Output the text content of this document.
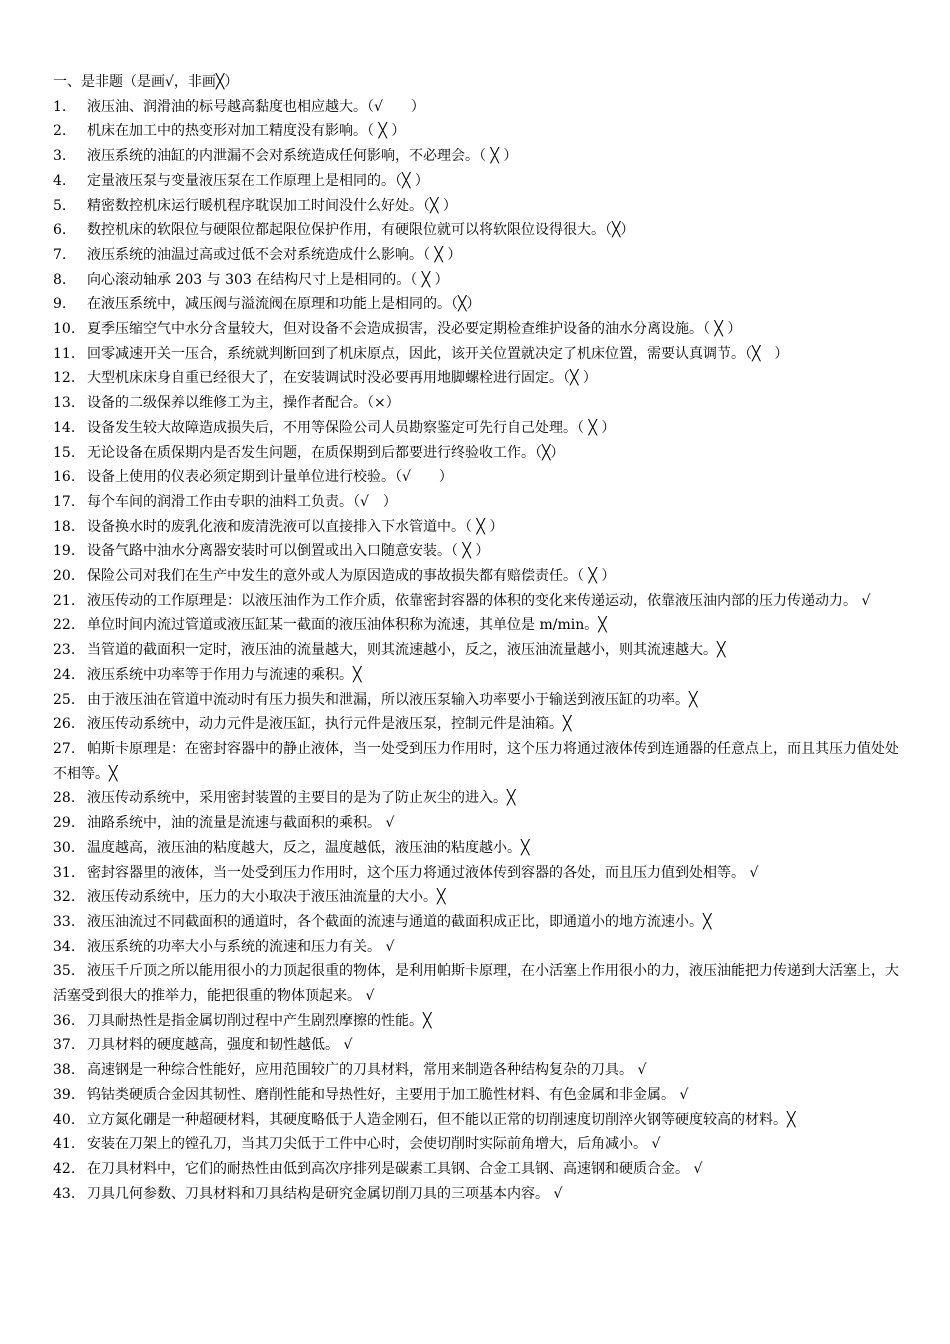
一、是非题（是画√，非画╳）
1.	液压油、润滑油的标号越高黏度也相应越大。（√　　）
2.	机床在加工中的热变形对加工精度没有影响。（ ╳ ）
3.	液压系统的油缸的内泄漏不会对系统造成任何影响，不必理会。（ ╳ ）
4.	定量液压泵与变量液压泵在工作原理上是相同的。（╳ ）
5.	精密数控机床运行暖机程序耽误加工时间没什么好处。（╳ ）
6.	数控机床的软限位与硬限位都起限位保护作用，有硬限位就可以将软限位设得很大。（╳）
7.	液压系统的油温过高或过低不会对系统造成什么影响。（ ╳ ）
8.	向心滚动轴承 203 与 303 在结构尺寸上是相同的。（ ╳ ）
9.	在液压系统中，减压阀与溢流阀在原理和功能上是相同的。（╳）
10. 夏季压缩空气中水分含量较大，但对设备不会造成损害，没必要定期检查维护设备的油水分离设施。（ ╳ ）
11. 回零减速开关一压合，系统就判断回到了机床原点，因此，该开关位置就决定了机床位置，需要认真调节。（╳　）
12. 大型机床床身自重已经很大了，在安装调试时没必要再用地脚螺栓进行固定。（╳ ）
13. 设备的二级保养以维修工为主，操作者配合。（×）
14. 设备发生较大故障造成损失后，不用等保险公司人员勘察鉴定可先行自己处理。（ ╳ ）
15. 无论设备在质保期内是否发生问题，在质保期到后都要进行终验收工作。（╳）
16. 设备上使用的仪表必须定期到计量单位进行校验。（√　　）
17. 每个车间的润滑工作由专职的油料工负责。（√　）
18. 设备换水时的废乳化液和废清洗液可以直接排入下水管道中。（ ╳ ）
19. 设备气路中油水分离器安装时可以倒置或出入口随意安装。（ ╳ ）
20. 保险公司对我们在生产中发生的意外或人为原因造成的事故损失都有赔偿责任。（ ╳ ）
21. 液压传动的工作原理是：以液压油作为工作介质，依靠密封容器的体积的变化来传递运动，依靠液压油内部的压力传递动力。 √
22. 单位时间内流过管道或液压缸某一截面的液压油体积称为流速，其单位是 m/min。╳
23. 当管道的截面积一定时，液压油的流量越大，则其流速越小，反之，液压油流量越小，则其流速越大。╳
24. 液压系统中功率等于作用力与流速的乘积。╳
25. 由于液压油在管道中流动时有压力损失和泄漏，所以液压泵输入功率要小于输送到液压缸的功率。╳
26. 液压传动系统中，动力元件是液压缸，执行元件是液压泵，控制元件是油箱。╳
27. 帕斯卡原理是：在密封容器中的静止液体，当一处受到压力作用时，这个压力将通过液体传到连通器的任意点上，而且其压力值处处不相等。╳
28. 液压传动系统中，采用密封装置的主要目的是为了防止灰尘的进入。╳
29. 油路系统中，油的流量是流速与截面积的乘积。 √
30. 温度越高，液压油的粘度越大，反之，温度越低，液压油的粘度越小。╳
31. 密封容器里的液体，当一处受到压力作用时，这个压力将通过液体传到容器的各处，而且压力值到处相等。 √
32. 液压传动系统中，压力的大小取决于液压油流量的大小。╳
33. 液压油流过不同截面积的通道时，各个截面的流速与通道的截面积成正比，即通道小的地方流速小。╳
34. 液压系统的功率大小与系统的流速和压力有关。 √
35. 液压千斤顶之所以能用很小的力顶起很重的物体，是利用帕斯卡原理，在小活塞上作用很小的力，液压油能把力传递到大活塞上，大活塞受到很大的推举力，能把很重的物体顶起来。 √
36. 刀具耐热性是指金属切削过程中产生剧烈摩擦的性能。╳
37. 刀具材料的硬度越高，强度和韧性越低。 √
38. 高速钢是一种综合性能好，应用范围较广的刀具材料，常用来制造各种结构复杂的刀具。 √
39. 钨钴类硬质合金因其韧性、磨削性能和导热性好，主要用于加工脆性材料、有色金属和非金属。 √
40. 立方氮化硼是一种超硬材料，其硬度略低于人造金刚石，但不能以正常的切削速度切削淬火钢等硬度较高的材料。╳
41. 安装在刀架上的镗孔刀，当其刀尖低于工件中心时，会使切削时实际前角增大，后角减小。 √
42. 在刀具材料中，它们的耐热性由低到高次序排列是碳素工具钢、合金工具钢、高速钢和硬质合金。 √
43. 刀具几何参数、刀具材料和刀具结构是研究金属切削刀具的三项基本内容。 √
